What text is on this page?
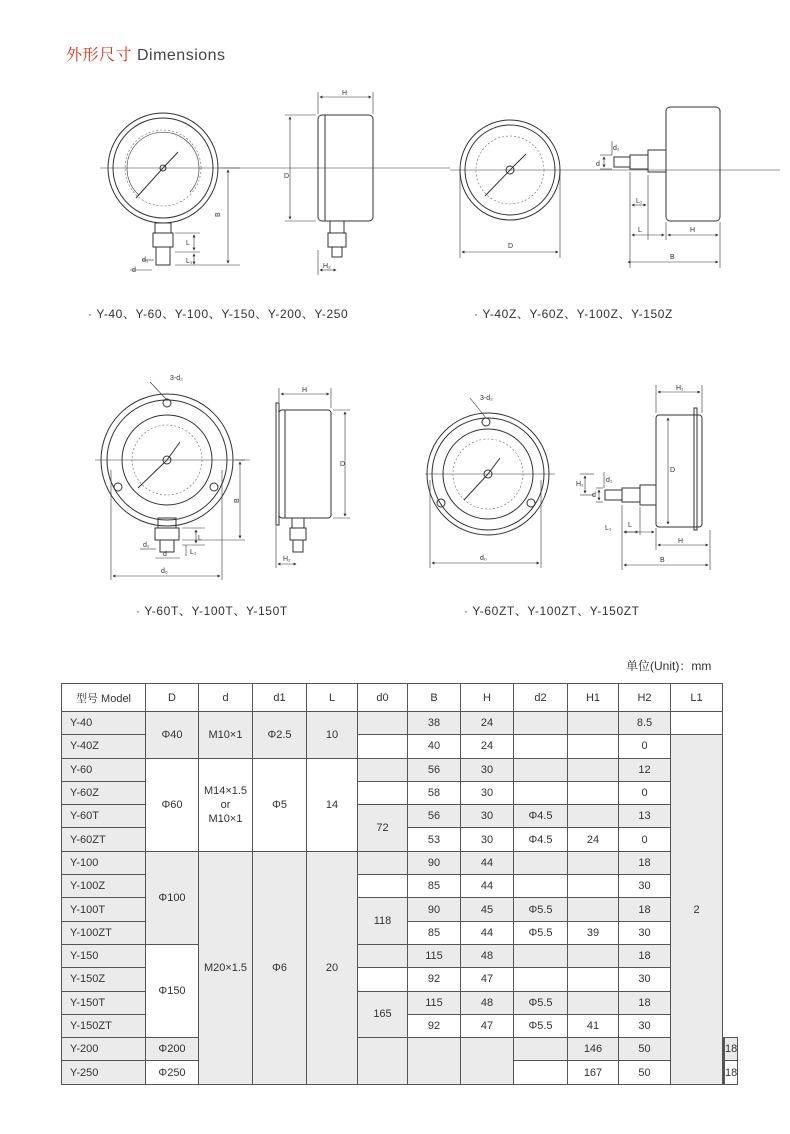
外形尺寸 Dimensions
B
L
L₁
d₁
d
H
D
H₂
D
d
d₁
L₁
L	H
B
3-d₂
L
L₁
B
d₁
d
d₀
H
D
H₂
3-d₂
d₀
d
d₁
H₂
L₁ L
H
B
H₁
D
· Y-40、Y-60、Y-100、Y-150、Y-200、Y-250	· Y-40Z、Y-60Z、Y-100Z、Y-150Z
· Y-60T、Y-100T、Y-150T	· Y-60ZT、Y-100ZT、Y-150ZT
单位(Unit)：mm
型号 Model	D	d	d1	L	d0	B	H	d2	H1	H2	L1		
Y-40	Φ40	M10×1	Φ2.5	10		38	24			8.5			
Y-40Z						40	24			0	2		
Y-60	Φ60	M14×1.5
or
M10×1	Φ5	14		56	30			12			
Y-60Z						58	30			0			
Y-60T					72	56	30	Φ4.5		13			
Y-60ZT						53	30	Φ4.5	24	0			
Y-100	Φ100	M20×1.5	Φ6	20		90	44			18			
Y-100Z						85	44			30			
Y-100T					118	90	45	Φ5.5		18			
Y-100ZT						85	44	Φ5.5	39	30			
Y-150	Φ150					115	48			18			
Y-150Z						92	47			30			
Y-150T					165	115	48	Φ5.5		18			
Y-150ZT						92	47	Φ5.5	41	30			
Y-200	Φ200								146	50			18
Y-250	Φ250								167	50			18
